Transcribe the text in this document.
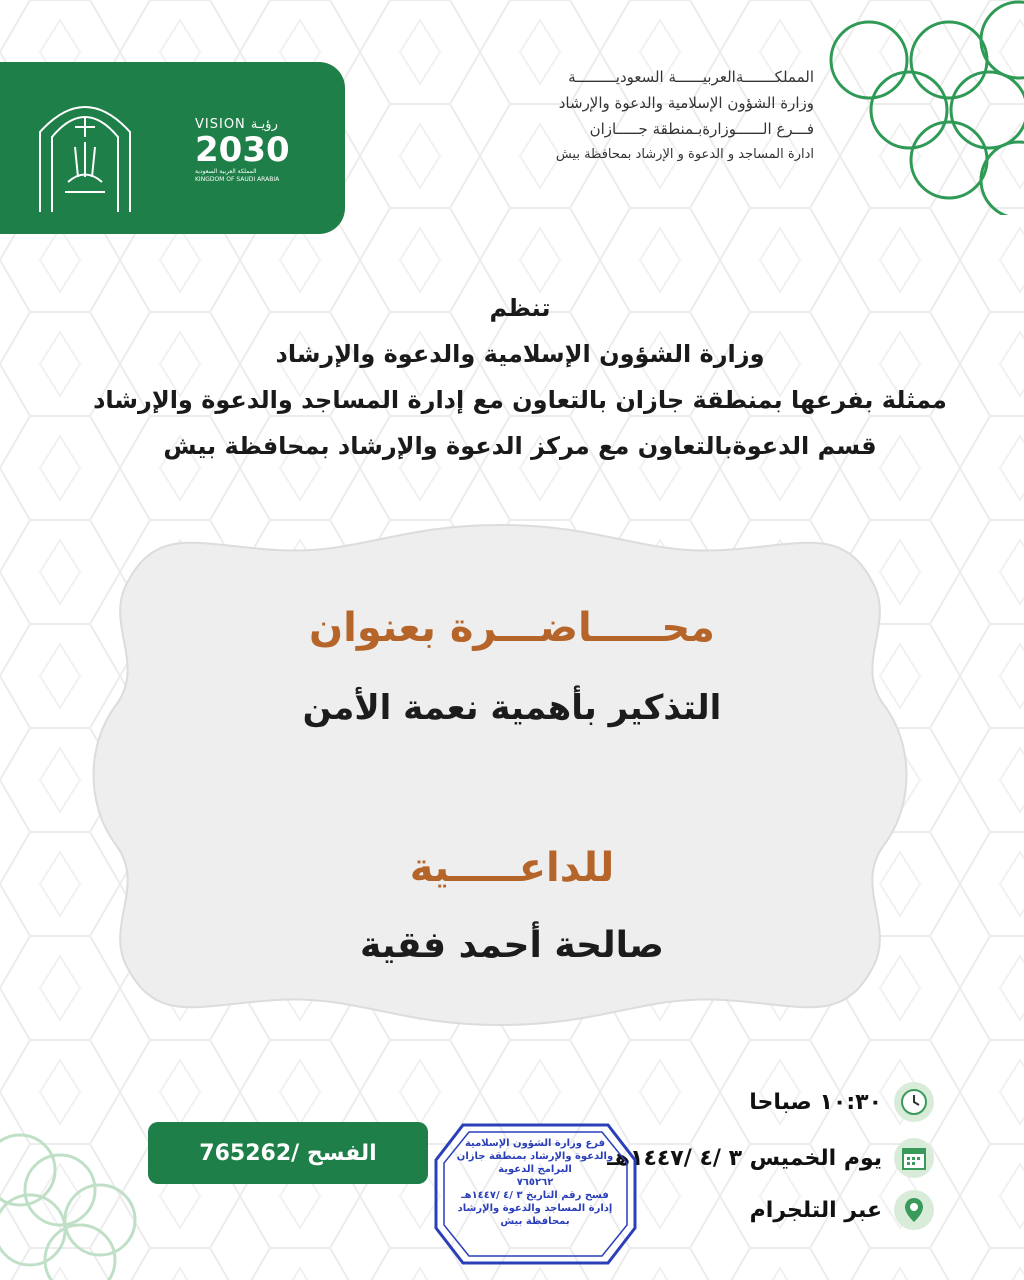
VISION رؤيـة
2030
المملكة العربية السعودية
KINGDOM OF SAUDI ARABIA
المملكـــــــةالعربيــــــة السعوديـــــــــة
وزارة الشؤون الإسلامية والدعوة والإرشاد
فـــرع الــــــوزارةبـمنطقة جـــــازان
ادارة المساجد و الدعوة و الإرشاد بمحافظة بيش
تنظم
وزارة الشؤون الإسلامية والدعوة والإرشاد
ممثلة بفرعها بمنطقة جازان بالتعاون مع إدارة المساجد والدعوة والإرشاد
قسم الدعوةبالتعاون مع مركز الدعوة والإرشاد بمحافظة بيش
محـــــاضـــرة بعنوان
التذكير بأهمية نعمة الأمن
للداعـــــية
صالحة أحمد فقية
١٠:٣٠ صباحا
يوم الخميس ٣ /٤ /١٤٤٧هـ
عبر التلجرام
الفسح /765262	فرع وزارة الشؤون الإسلامية
والدعوة والإرشاد بمنطقة جازان
البرامج الدعوية
٧٦٥٢٦٢
فسح رقم التاريخ ٣ /٤ /١٤٤٧هـ
إدارة المساجد والدعوة والإرشاد
بمحافظة بيش
